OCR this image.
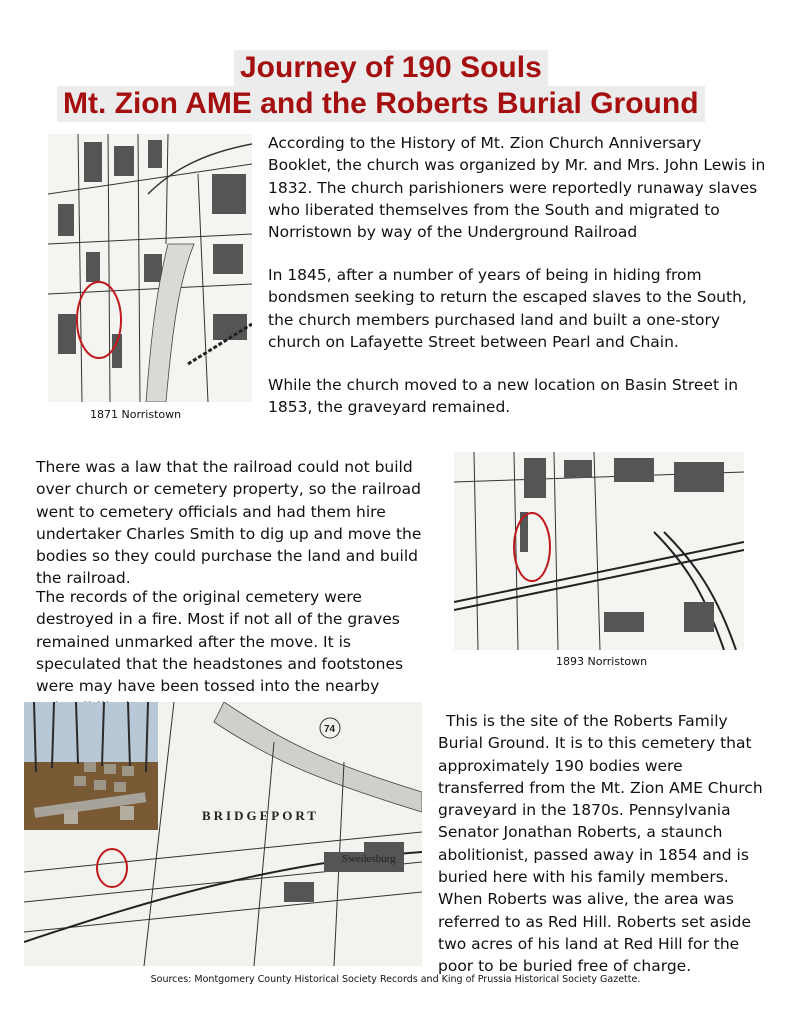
Journey of 190 Souls
Mt. Zion AME and the Roberts Burial Ground
1871 Norristown

According to the History of Mt. Zion Church Anniversary Booklet, the church was organized by Mr. and Mrs. John Lewis in 1832. The church parishioners were reportedly runaway slaves who liberated themselves from the South and migrated to Norristown by way of the Underground Railroad

In 1845, after a number of years of being in hiding from bondsmen seeking to return the escaped slaves to the South, the church members purchased land and built a one-story church on Lafayette Street between Pearl and Chain.

While the church moved to a new location on Basin Street in 1853, the graveyard remained.

There was a law that the railroad could not build over church or cemetery property, so the railroad went to cemetery officials and had them hire undertaker Charles Smith to dig up and move the bodies so they could purchase the land and build the railroad.

The records of the original cemetery were destroyed in a fire. Most if not all of the graves remained unmarked after the move. It is speculated that the headstones and footstones were may have been tossed into the nearby

1893 Norristown
BRIDGEPORT
Swedesburg
74	This is the site of the Roberts Family Burial Ground. It is to this cemetery that approximately 190 bodies were transferred from the Mt. Zion AME Church graveyard in the 1870s. Pennsylvania Senator Jonathan Roberts, a staunch abolitionist, passed away in 1854 and is buried here with his family members. When Roberts was alive, the area was referred to as Red Hill. Roberts set aside two acres of his land at Red Hill for the poor to be buried free of charge.

Sources: Montgomery County Historical Society Records and King of Prussia Historical Society Gazette.
